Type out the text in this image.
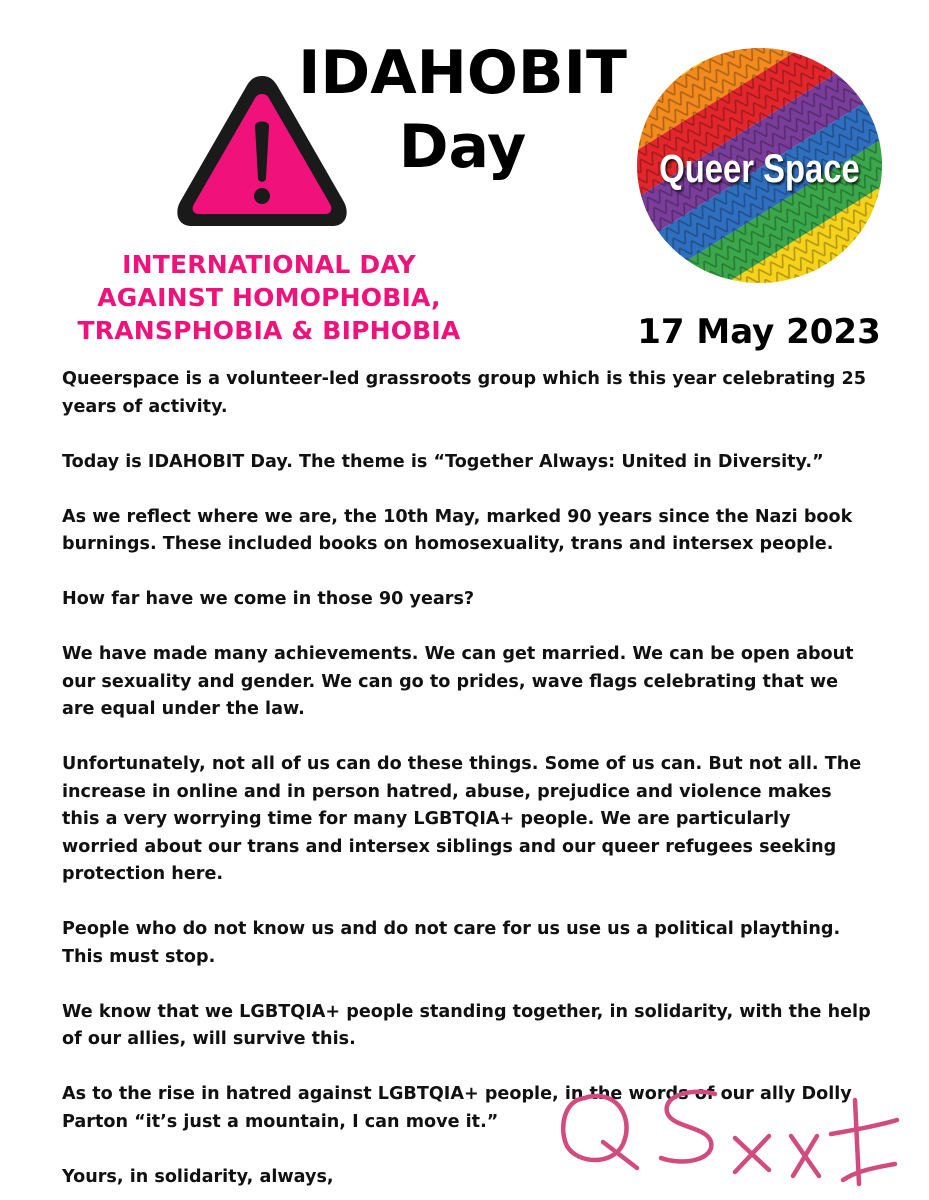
IDAHOBIT
Day
INTERNATIONAL DAY
AGAINST HOMOPHOBIA,
TRANSPHOBIA & BIPHOBIA
Queer Space
17 May 2023

Queerspace is a volunteer-led grassroots group which is this year celebrating 25 years of activity.

Today is IDAHOBIT Day. The theme is “Together Always: United in Diversity.”

As we reflect where we are, the 10th May, marked 90 years since the Nazi book burnings. These included books on homosexuality, trans and intersex people.

How far have we come in those 90 years?

We have made many achievements. We can get married. We can be open about our sexuality and gender. We can go to prides, wave flags celebrating that we are equal under the law.

Unfortunately, not all of us can do these things. Some of us can. But not all. The increase in online and in person hatred, abuse, prejudice and violence makes this a very worrying time for many LGBTQIA+ people. We are particularly worried about our trans and intersex siblings and our queer refugees seeking protection here.

People who do not know us and do not care for us use us a political plaything. This must stop.

We know that we LGBTQIA+ people standing together, in solidarity, with the help of our allies, will survive this.

As to the rise in hatred against LGBTQIA+ people, in the words of our ally Dolly Parton “it’s just a mountain, I can move it.”

Yours, in solidarity, always,
